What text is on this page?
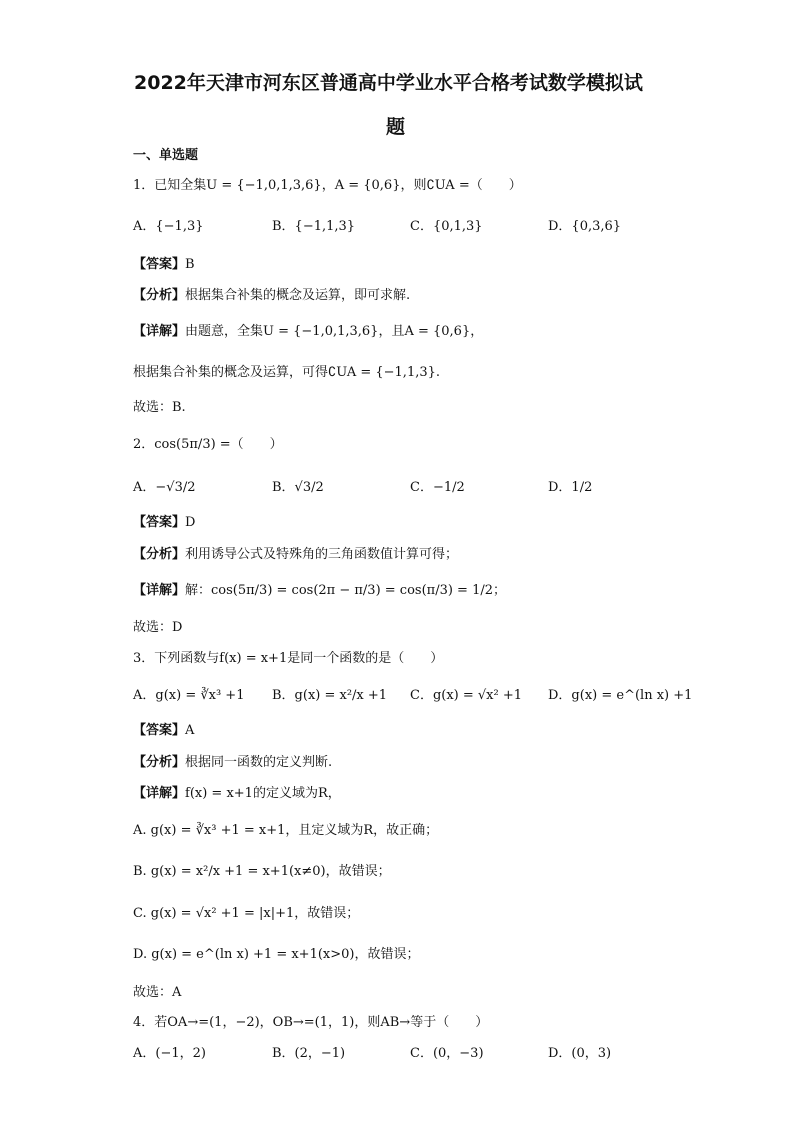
2022年天津市河东区普通高中学业水平合格考试数学模拟试
题
一、单选题
1．已知全集U = {−1,0,1,3,6}，A = {0,6}，则∁UA =（　　）
A．{−1,3}	B．{−1,1,3}	C．{0,1,3}	D．{0,3,6}
【答案】B
【分析】根据集合补集的概念及运算，即可求解.
【详解】由题意，全集U = {−1,0,1,3,6}，且A = {0,6}，
根据集合补集的概念及运算，可得∁UA = {−1,1,3}.
故选：B.
2．cos(5π/3) =（　　）
A．−√3/2	B．√3/2	C．−1/2	D．1/2
【答案】D
【分析】利用诱导公式及特殊角的三角函数值计算可得；
【详解】解：cos(5π/3) = cos(2π − π/3) = cos(π/3) = 1/2；
故选：D
3．下列函数与f(x) = x+1是同一个函数的是（　　）
A．g(x) = ∛x³ +1 B．g(x) = x²/x +1 C．g(x) = √x² +1 D．g(x) = e^(ln x) +1
【答案】A
【分析】根据同一函数的定义判断.
【详解】f(x) = x+1的定义域为R，
A. g(x) = ∛x³ +1 = x+1，且定义域为R，故正确；
B. g(x) = x²/x +1 = x+1(x≠0)，故错误；
C. g(x) = √x² +1 = |x|+1，故错误；
D. g(x) = e^(ln x) +1 = x+1(x>0)，故错误；
故选：A
4．若OA→=(1，−2)，OB→=(1，1)，则AB→等于（　　）
A．(−1，2)	B．(2，−1)	C．(0，−3)	D．(0，3)
